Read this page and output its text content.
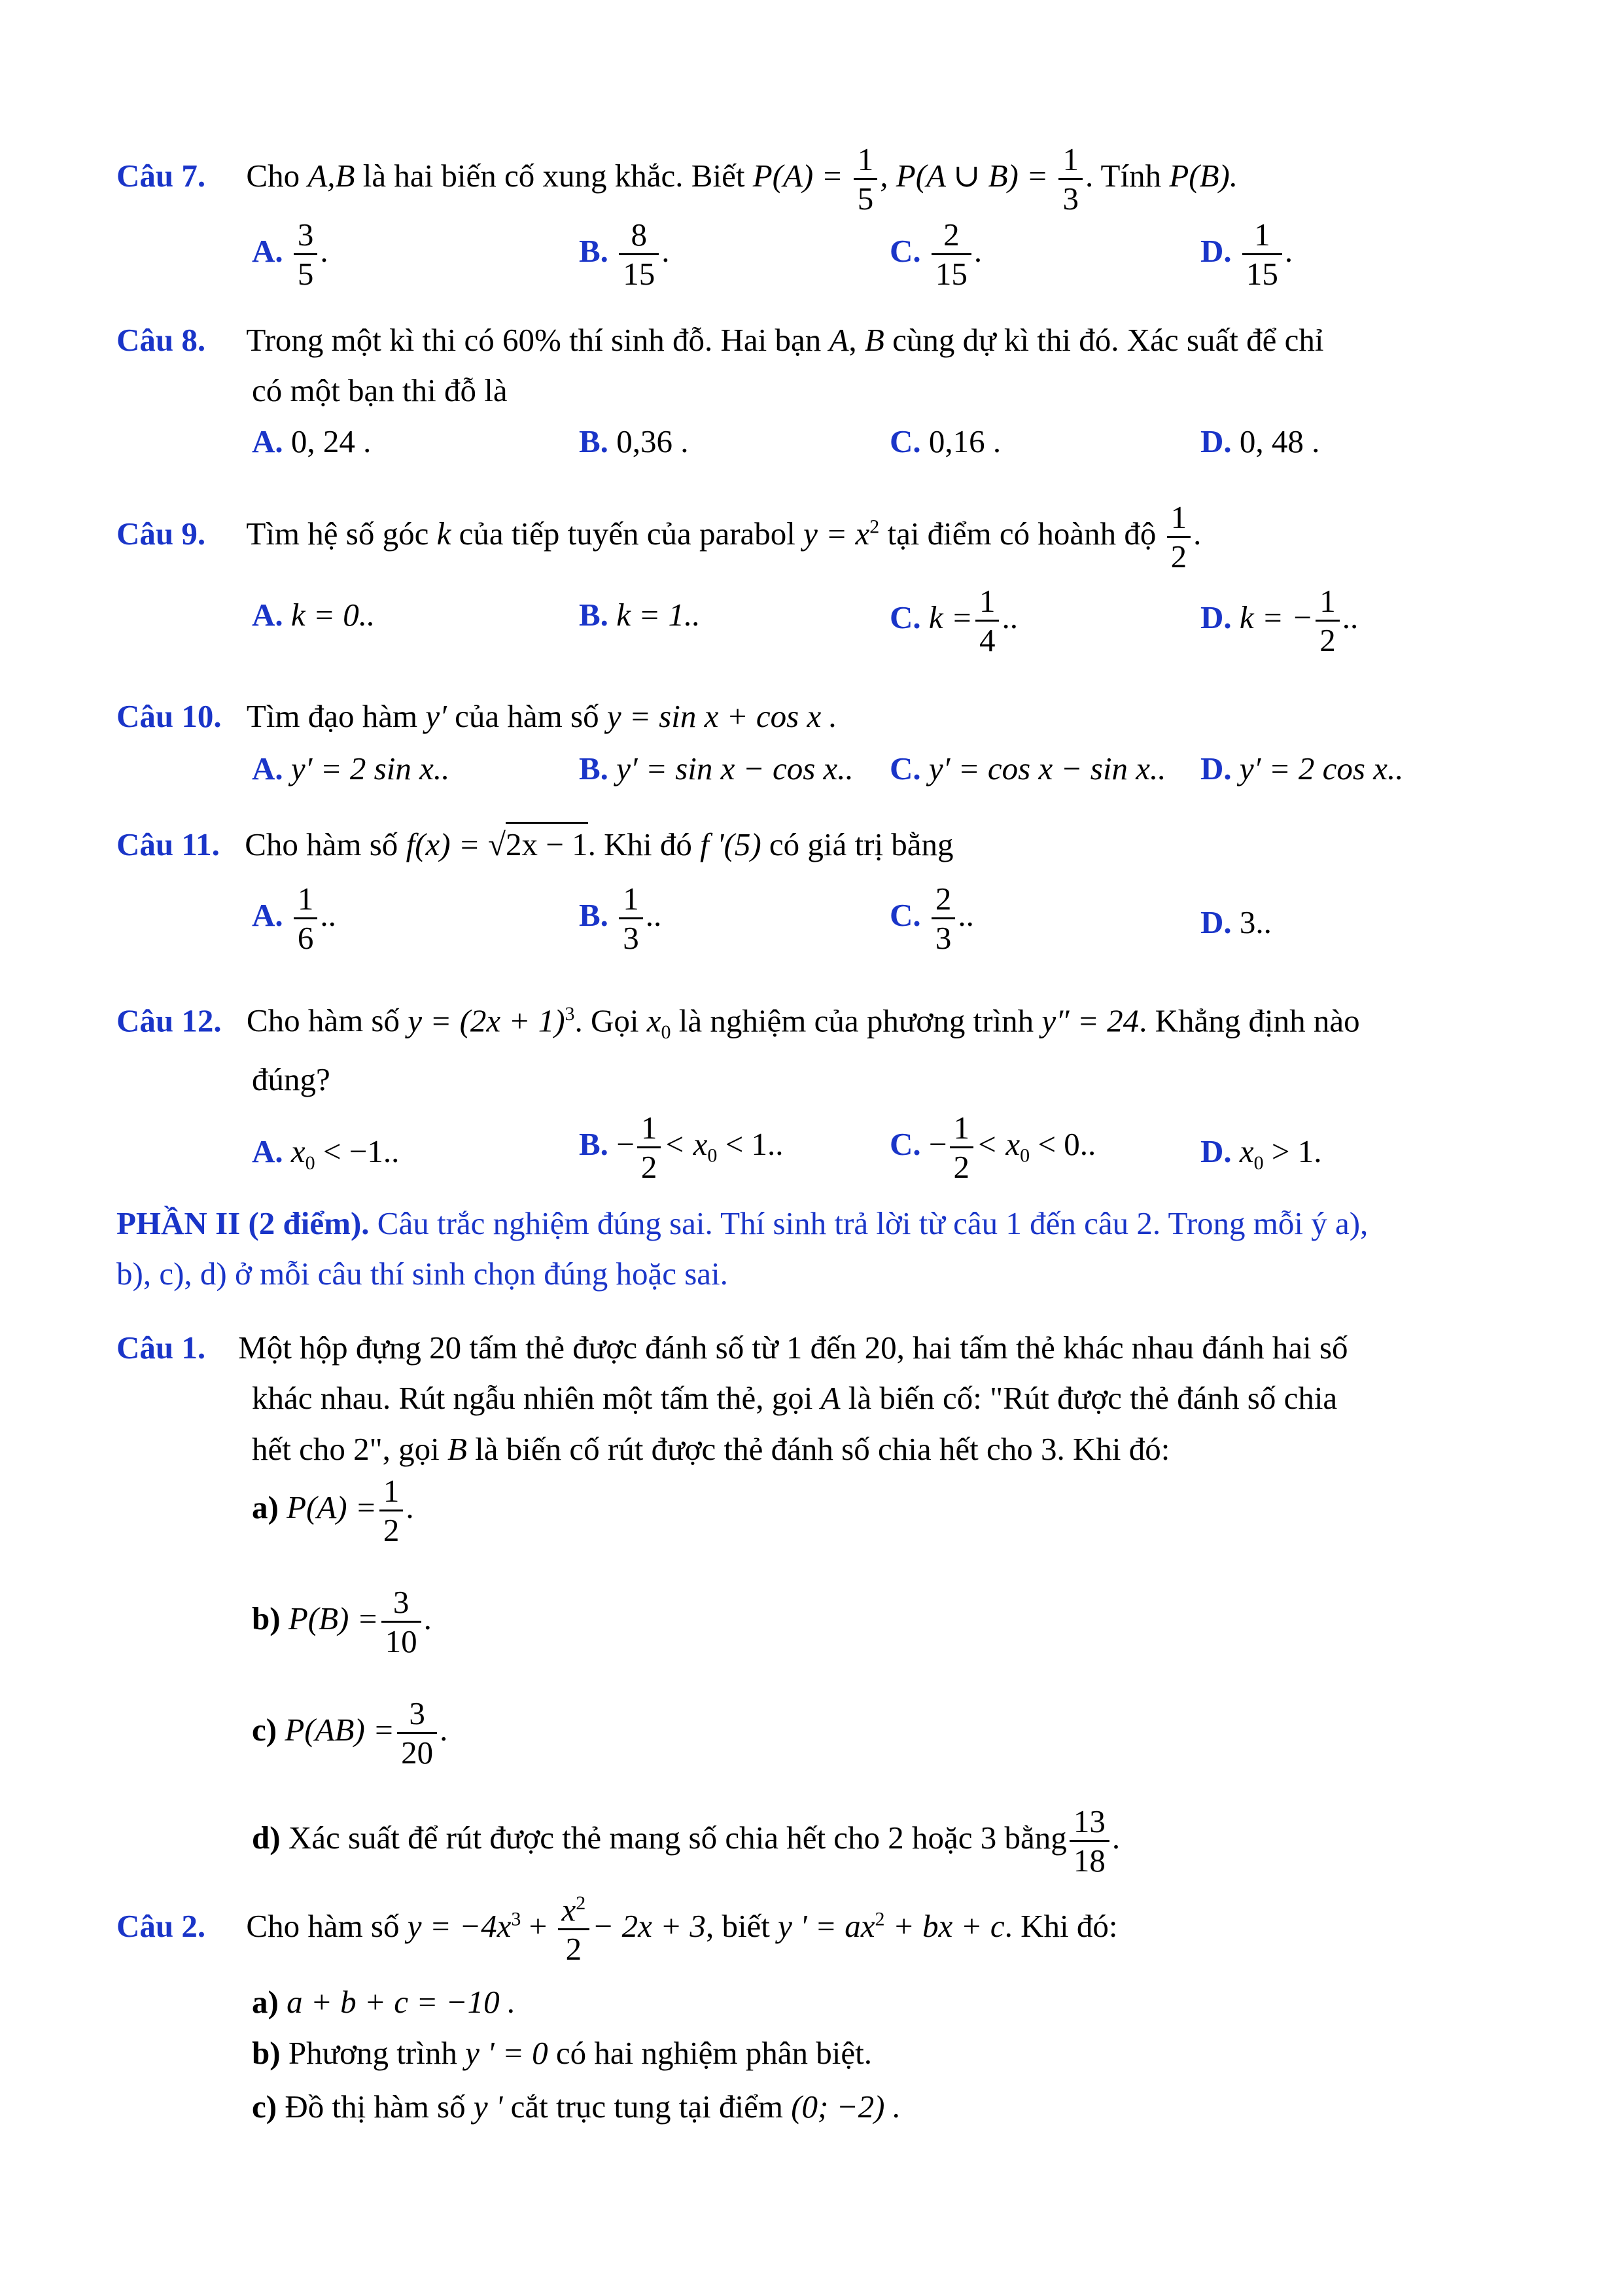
Câu 7. Cho A,B là hai biến cố xung khắc. Biết $P(A) = \frac{1}{5}$ , P(A ∪ $B) = \frac{1}{3}$ . Tính P(B).
A. $\frac{3}{5}$ .	B. $\frac{8}{15}$ .	C. $\frac{2}{15}$ .	D. $\frac{1}{15}$ .
Câu 8. Trong một kì thi có 60% thí sinh đỗ. Hai bạn A, B cùng dự kì thi đó. Xác suất để chỉ
có một bạn thi đỗ là
A. 0, 24 .	B. 0,36 .	C. 0,16 .	D. 0, 48 .
Câu 9. Tìm hệ số góc k của tiếp tuyến của parabol $y = x^2$ tại điểm có hoành độ $\frac{1}{2}$ .
A. k = 0..	B. k = 1..	C. $k = \frac{1}{4}$ ..	D. k = − $\frac{1}{2}$ ..
Câu 10. Tìm đạo hàm y′ của hàm số y = sin x + cos x .
A. y′ = 2 sin x..	B. y′ = sin x − cos x.. C. y′ = cos x − sin x.. D. y′ = 2 cos x..
Câu 11. Cho hàm số f(x) = √2x − 1. Khi đó f '(5) có giá trị bằng
A. $\frac{1}{6}$ ..	B. $\frac{1}{3}$ ..	C. $\frac{2}{3}$ ..	D. 3..
Câu 12. Cho hàm số $y = (2x + 1)^3$. Gọi $x_0$ là nghiệm của phương trình y″ = 24. Khẳng định nào
đúng?
A. $x_0 < -1$..	B. − $\frac{1}{2} < x_0 < 1$..	C. − $\frac{1}{2} < x_0 < 0$..	D. $x_0 > 1$.
PHẦN II (2 điểm). Câu trắc nghiệm đúng sai. Thí sinh trả lời từ câu 1 đến câu 2. Trong mỗi ý a),
b), c), d) ở mỗi câu thí sinh chọn đúng hoặc sai.
Câu 1. Một hộp đựng 20 tấm thẻ được đánh số từ 1 đến 20, hai tấm thẻ khác nhau đánh hai số
khác nhau. Rút ngẫu nhiên một tấm thẻ, gọi A là biến cố: "Rút được thẻ đánh số chia
hết cho 2", gọi B là biến cố rút được thẻ đánh số chia hết cho 3. Khi đó:
a) $P(A) = \frac{1}{2}$ .
b) $P(B) = \frac{3}{10}$ .
c) $P(AB) = \frac{3}{20}$ .
d) Xác suất để rút được thẻ mang số chia hết cho 2 hoặc 3 bằng $\frac{13}{18}$ .
Câu 2. Cho hàm số $y = -4x^3 + \frac{x^2}{2} - 2x + 3$, biết y ' = $ax^2$ + bx + c. Khi đó:
a) a + b + c = −10 .
b) Phương trình y ' = 0 có hai nghiệm phân biệt.
c) Đồ thị hàm số y ' cắt trục tung tại điểm (0; −2) .
